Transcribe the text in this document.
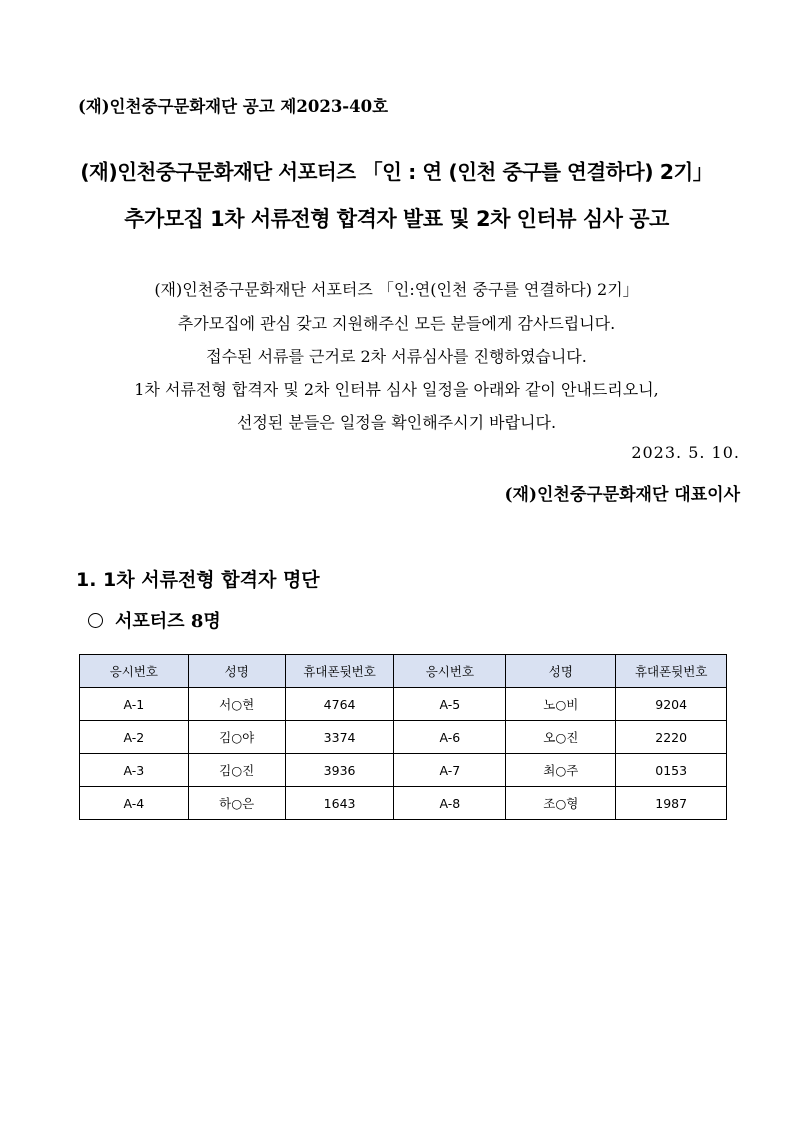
(재)인천중구문화재단 공고 제2023-40호
(재)인천중구문화재단 서포터즈 「인 : 연 (인천 중구를 연결하다) 2기」
추가모집 1차 서류전형 합격자 발표 및 2차 인터뷰 심사 공고
(재)인천중구문화재단 서포터즈 「인:연(인천 중구를 연결하다) 2기」
추가모집에 관심 갖고 지원해주신 모든 분들에게 감사드립니다.
접수된 서류를 근거로 2차 서류심사를 진행하였습니다.
1차 서류전형 합격자 및 2차 인터뷰 심사 일정을 아래와 같이 안내드리오니,
선정된 분들은 일정을 확인해주시기 바랍니다.
2023. 5. 10.
(재)인천중구문화재단 대표이사
1. 1차 서류전형 합격자 명단
서포터즈 8명
응시번호	성명	휴대폰뒷번호	응시번호	성명	휴대폰뒷번호
A-1	서○현	4764	A-5	노○비	9204
A-2	김○야	3374	A-6	오○진	2220
A-3	김○진	3936	A-7	최○주	0153
A-4	하○은	1643	A-8	조○형	1987
